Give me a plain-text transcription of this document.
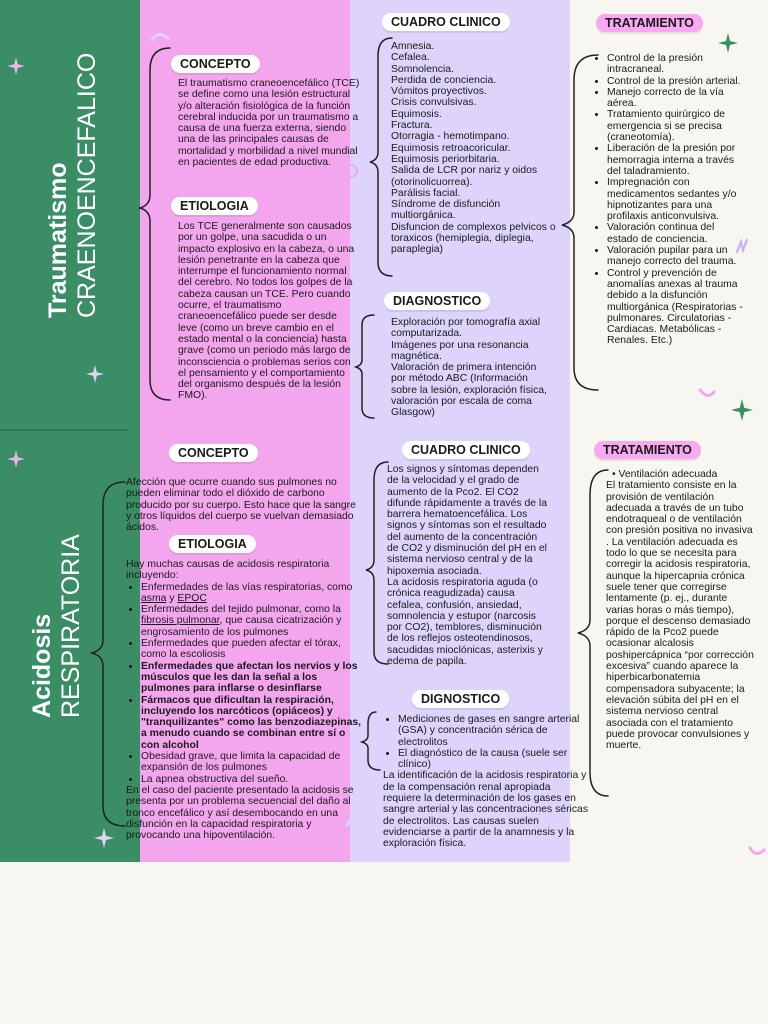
Traumatismo CRAENOENCEFALICO
Acidosis RESPIRATORIA
CONCEPTO
El traumatismo craneoencefálico (TCE) se define como una lesión estructural y/o alteración fisiológica de la función cerebral inducida por un traumatismo a causa de una fuerza externa, siendo una de las principales causas de mortalidad y morbilidad a nivel mundial en pacientes de edad productiva.
ETIOLOGIA
Los TCE generalmente son causados por un golpe, una sacudida o un impacto explosivo en la cabeza, o una lesión penetrante en la cabeza que interrumpe el funcionamiento normal del cerebro. No todos los golpes de la cabeza causan un TCE. Pero cuando ocurre, el traumatismo craneoencefálico puede ser desde leve (como un breve cambio en el estado mental o la conciencia) hasta grave (como un periodo más largo de inconsciencia o problemas serios con el pensamiento y el comportamiento del organismo después de la lesión FMO).
CUADRO CLINICO
Amnesia.
Cefalea.
Somnolencia.
Perdida de conciencia.
Vómitos proyectivos.
Crisis convulsivas.
Equimosis.
Fractura.
Otorragia - hemotimpano.
Equimosis retroacoricular.
Equimosis periorbitaria.
Salida de LCR por nariz y oidos (otorinolicuorrea).
Parálisis facial.
Síndrome de disfunción multiorgánica.
Disfuncion de complexos pelvicos o toraxicos (hemiplegia, diplegia, paraplegia)
DIAGNOSTICO
Exploración por tomografía axial computarizada.
Imágenes por una resonancia magnética.
Valoración de primera intención por método ABC (Información sobre la lesión, exploración física, valoración por escala de coma Glasgow)
TRATAMIENTO
• Control de la presión intracraneal.
• Control de la presión arterial.
• Manejo correcto de la vía aérea.
• Tratamiento quirúrgico de emergencia si se precisa (craneotomía).
• Liberación de la presión por hemorragia interna a través del taladramiento.
• Impregnación con medicamentos sedantes y/o hipnotizantes para una profilaxis anticonvulsiva.
• Valoración continua del estado de conciencia.
• Valoración pupilar para un manejo correcto del trauma.
• Control y prevención de anomalías anexas al trauma debido a la disfunción multiorgánica (Respiratorias - pulmonares. Circulatorias - Cardiacas. Metabólicas - Renales. Etc.)
CONCEPTO
Afección que ocurre cuando sus pulmones no pueden eliminar todo el dióxido de carbono producido por su cuerpo. Esto hace que la sangre y otros líquidos del cuerpo se vuelvan demasiado ácidos.
ETIOLOGIA

Hay muchas causas de acidosis respiratoria incluyendo:

• Enfermedades de las vías respiratorias, como asma y EPOC
• Enfermedades del tejido pulmonar, como la fibrosis pulmonar, que causa cicatrización y engrosamiento de los pulmones
• Enfermedades que pueden afectar el tórax, como la escoliosis
• Enfermedades que afectan los nervios y los músculos que les dan la señal a los pulmones para inflarse o desinflarse
• Fármacos que dificultan la respiración, incluyendo los narcóticos (opiáceos) y "tranquilizantes" como las benzodiazepinas, a menudo cuando se combinan entre sí o con alcohol
• Obesidad grave, que limita la capacidad de expansión de los pulmones
• La apnea obstructiva del sueño.

En el caso del paciente presentado la acidosis se presenta por un problema secuencial del daño al tronco encefálico y así desembocando en una disfunción en la capacidad respiratoria y provocando una hipoventilación.

CUADRO CLINICO

Los signos y síntomas dependen de la velocidad y el grado de aumento de la Pco2. El CO2 difunde rápidamente a través de la barrera hematoencefálica. Los signos y síntomas son el resultado del aumento de la concentración de CO2 y disminución del pH en el sistema nervioso central y de la hipoxemia asociada.

La acidosis respiratoria aguda (o crónica reagudizada) causa cefalea, confusión, ansiedad, somnolencia y estupor (narcosis por CO2), temblores, disminución de los reflejos osteotendinosos, sacudidas mioclónicas, asterixis y edema de papila.

DIGNOSTICO
• Mediciones de gases en sangre arterial (GSA) y concentración sérica de electrolitos
• El diagnóstico de la causa (suele ser clínico)

La identificación de la acidosis respiratoria y de la compensación renal apropiada requiere la determinación de los gases en sangre arterial y las concentraciones séricas de electrolitos. Las causas suelen evidenciarse a partir de la anamnesis y la exploración física.

TRATAMIENTO

• Ventilación adecuada

El tratamiento consiste en la provisión de ventilación adecuada a través de un tubo endotraqueal o de ventilación con presión positiva no invasiva . La ventilación adecuada es todo lo que se necesita para corregir la acidosis respiratoria, aunque la hipercapnia crónica suele tener que corregirse lentamente (p. ej., durante varias horas o más tiempo), porque el descenso demasiado rápido de la Pco2 puede ocasionar alcalosis poshipercápnica “por corrección excesiva” cuando aparece la hiperbicarbonatemia compensadora subyacente; la elevación súbita del pH en el sistema nervioso central asociada con el tratamiento puede provocar convulsiones y muerte.
